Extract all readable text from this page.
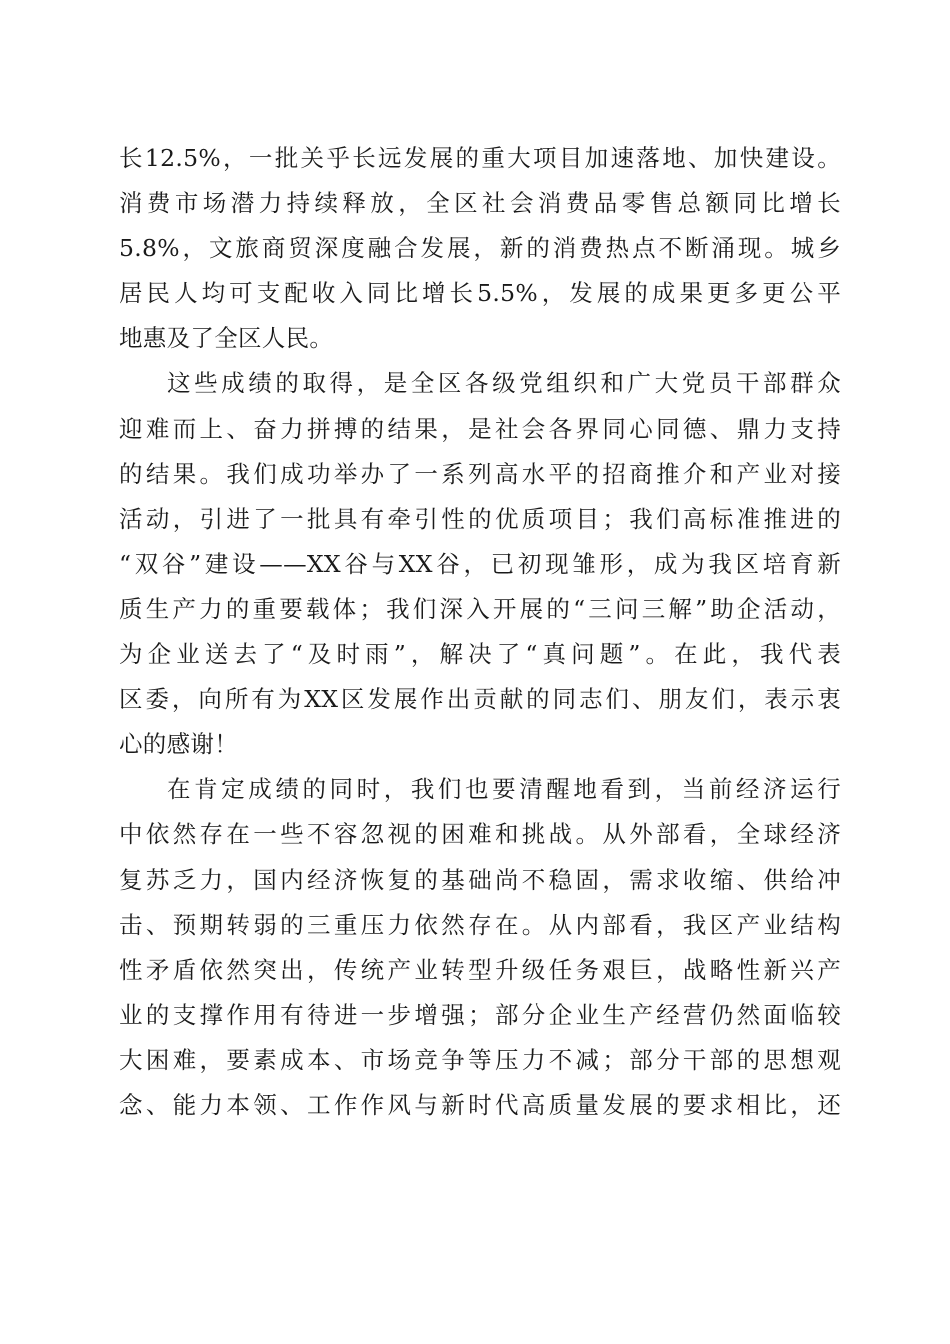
长12.5%，一批关乎长远发展的重大项目加速落地、加快建设。
消费市场潜力持续释放，全区社会消费品零售总额同比增长
5.8%，文旅商贸深度融合发展，新的消费热点不断涌现。城乡
居民人均可支配收入同比增长5.5%，发展的成果更多更公平
地惠及了全区人民。
这些成绩的取得，是全区各级党组织和广大党员干部群众
迎难而上、奋力拼搏的结果，是社会各界同心同德、鼎力支持
的结果。我们成功举办了一系列高水平的招商推介和产业对接
活动，引进了一批具有牵引性的优质项目；我们高标准推进的
“双谷”建设——XX谷与XX谷，已初现雏形，成为我区培育新
质生产力的重要载体；我们深入开展的“三问三解”助企活动，
为企业送去了“及时雨”，解决了“真问题”。在此，我代表
区委，向所有为XX区发展作出贡献的同志们、朋友们，表示衷
心的感谢！
在肯定成绩的同时，我们也要清醒地看到，当前经济运行
中依然存在一些不容忽视的困难和挑战。从外部看，全球经济
复苏乏力，国内经济恢复的基础尚不稳固，需求收缩、供给冲
击、预期转弱的三重压力依然存在。从内部看，我区产业结构
性矛盾依然突出，传统产业转型升级任务艰巨，战略性新兴产
业的支撑作用有待进一步增强；部分企业生产经营仍然面临较
大困难，要素成本、市场竞争等压力不减；部分干部的思想观
念、能力本领、工作作风与新时代高质量发展的要求相比，还
